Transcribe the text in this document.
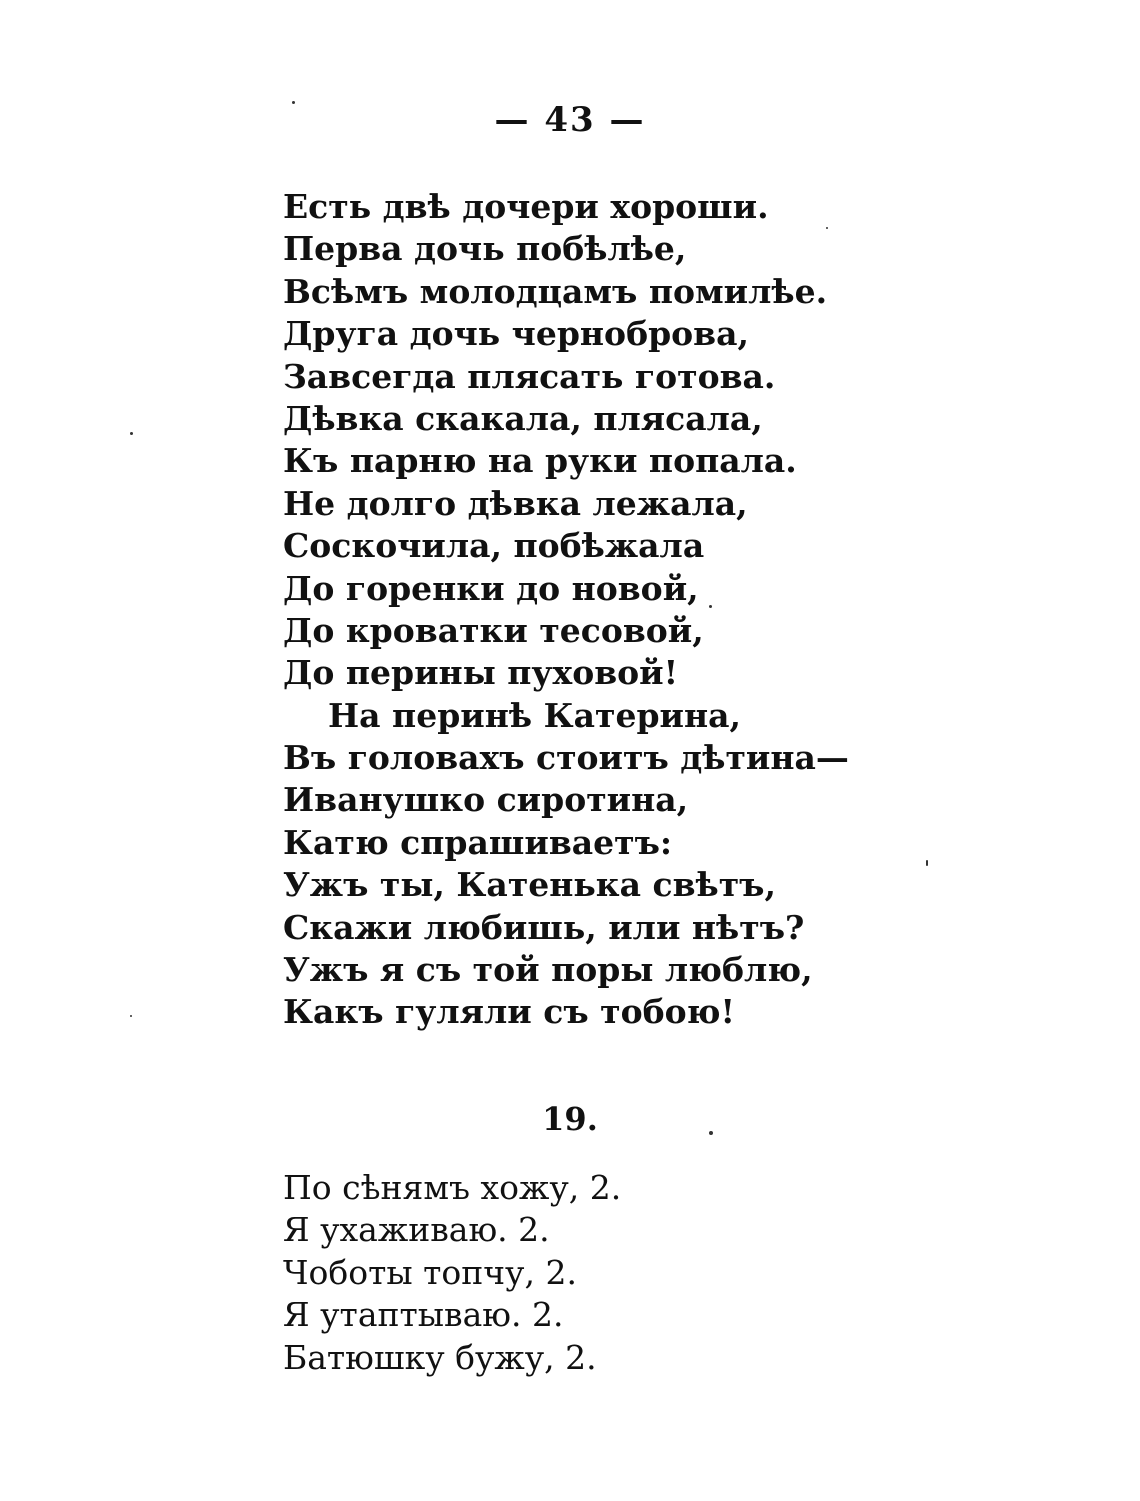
— 43 —
Есть двѣ дочери хороши.
Перва дочь побѣлѣе,
Всѣмъ молодцамъ помилѣе.
Друга дочь черноброва,
Завсегда плясать готова.
Дѣвка скакала, плясала,
Къ парню на руки попала.
Не долго дѣвка лежала,
Соскочила, побѣжала
До горенки до новой,
До кроватки тесовой,
До перины пуховой!
На перинѣ Катерина,
Въ головахъ стоитъ дѣтина—
Иванушко сиротина,
Катю спрашиваетъ:
Ужъ ты, Катенька свѣтъ,
Скажи любишь, или нѣтъ?
Ужъ я съ той поры люблю,
Какъ гуляли съ тобою!
19.
По сѣнямъ хожу, 2.
Я ухаживаю. 2.
Чоботы топчу, 2.
Я утаптываю. 2.
Батюшку бужу, 2.
